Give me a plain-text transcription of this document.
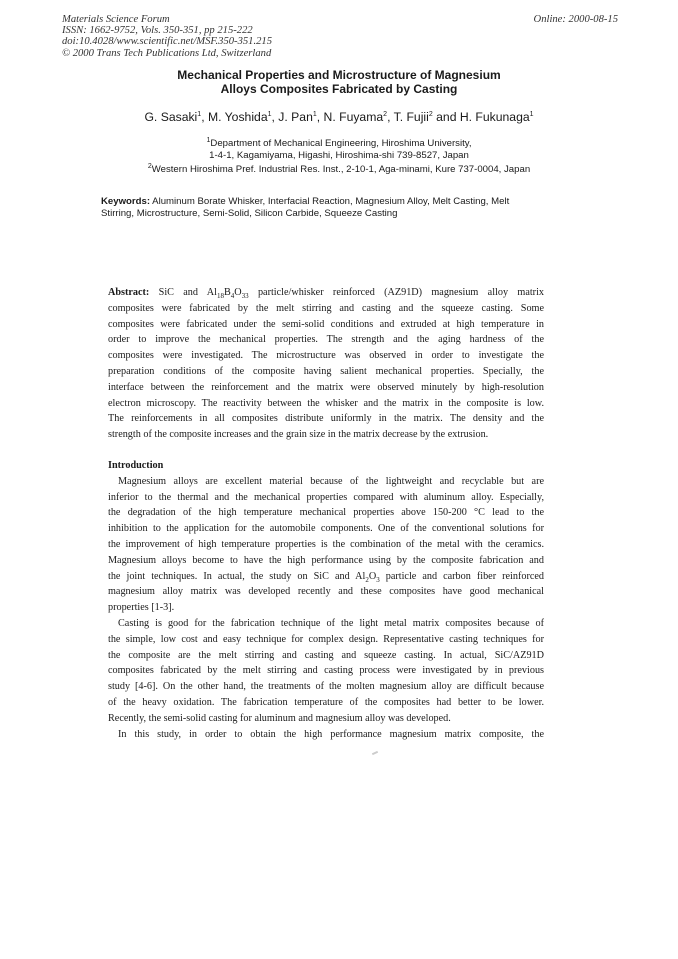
Materials Science Forum
ISSN: 1662-9752, Vols. 350-351, pp 215-222
doi:10.4028/www.scientific.net/MSF.350-351.215
© 2000 Trans Tech Publications Ltd, Switzerland
Online: 2000-08-15
Mechanical Properties and Microstructure of Magnesium
Alloys Composites Fabricated by Casting
G. Sasaki$^1$, M. Yoshida$^1$, J. Pan$^1$, N. Fuyama$^2$, T. Fujii$^2$ and H. Fukunaga$^1$
$^1$Department of Mechanical Engineering, Hiroshima University,
1-4-1, Kagamiyama, Higashi, Hiroshima-shi 739-8527, Japan
$^2$Western Hiroshima Pref. Industrial Res. Inst., 2-10-1, Aga-minami, Kure 737-0004, Japan
Keywords: Aluminum Borate Whisker, Interfacial Reaction, Magnesium Alloy, Melt Casting, Melt
Stirring, Microstructure, Semi-Solid, Silicon Carbide, Squeeze Casting
Abstract: SiC and $Al_{18}B_4O_{33}$ particle/whisker reinforced (AZ91D) magnesium alloy matrix
composites were fabricated by the melt stirring and casting and the squeeze casting. Some
composites were fabricated under the semi-solid conditions and extruded at high temperature in
order to improve the mechanical properties. The strength and the aging hardness of the
composites were investigated. The microstructure was observed in order to investigate the
preparation conditions of the composite having salient mechanical properties. Specially, the
interface between the reinforcement and the matrix were observed minutely by high-resolution
electron microscopy. The reactivity between the whisker and the matrix in the composite is low.
The reinforcements in all composites distribute uniformly in the matrix. The density and the
strength of the composite increases and the grain size in the matrix decrease by the extrusion.
Introduction
Magnesium alloys are excellent material because of the lightweight and recyclable but are
inferior to the thermal and the mechanical properties compared with aluminum alloy. Especially,
the degradation of the high temperature mechanical properties above 150-200 °C lead to the
inhibition to the application for the automobile components. One of the conventional solutions for
the improvement of high temperature properties is the combination of the metal with the ceramics.
Magnesium alloys become to have the high performance using by the composite fabrication and
the joint techniques. In actual, the study on SiC and $Al_2O_3$ particle and carbon fiber reinforced
magnesium alloy matrix was developed recently and these composites have good mechanical
properties [1-3].
Casting is good for the fabrication technique of the light metal matrix composites because of
the simple, low cost and easy technique for complex design. Representative casting techniques for
the composite are the melt stirring and casting and squeeze casting. In actual, SiC/AZ91D
composites fabricated by the melt stirring and casting process were investigated by in previous
study [4-6]. On the other hand, the treatments of the molten magnesium alloy are difficult because
of the heavy oxidation. The fabrication temperature of the composites had better to be lower.
Recently, the semi-solid casting for aluminum and magnesium alloy was developed.
In this study, in order to obtain the high performance magnesium matrix composite, the
